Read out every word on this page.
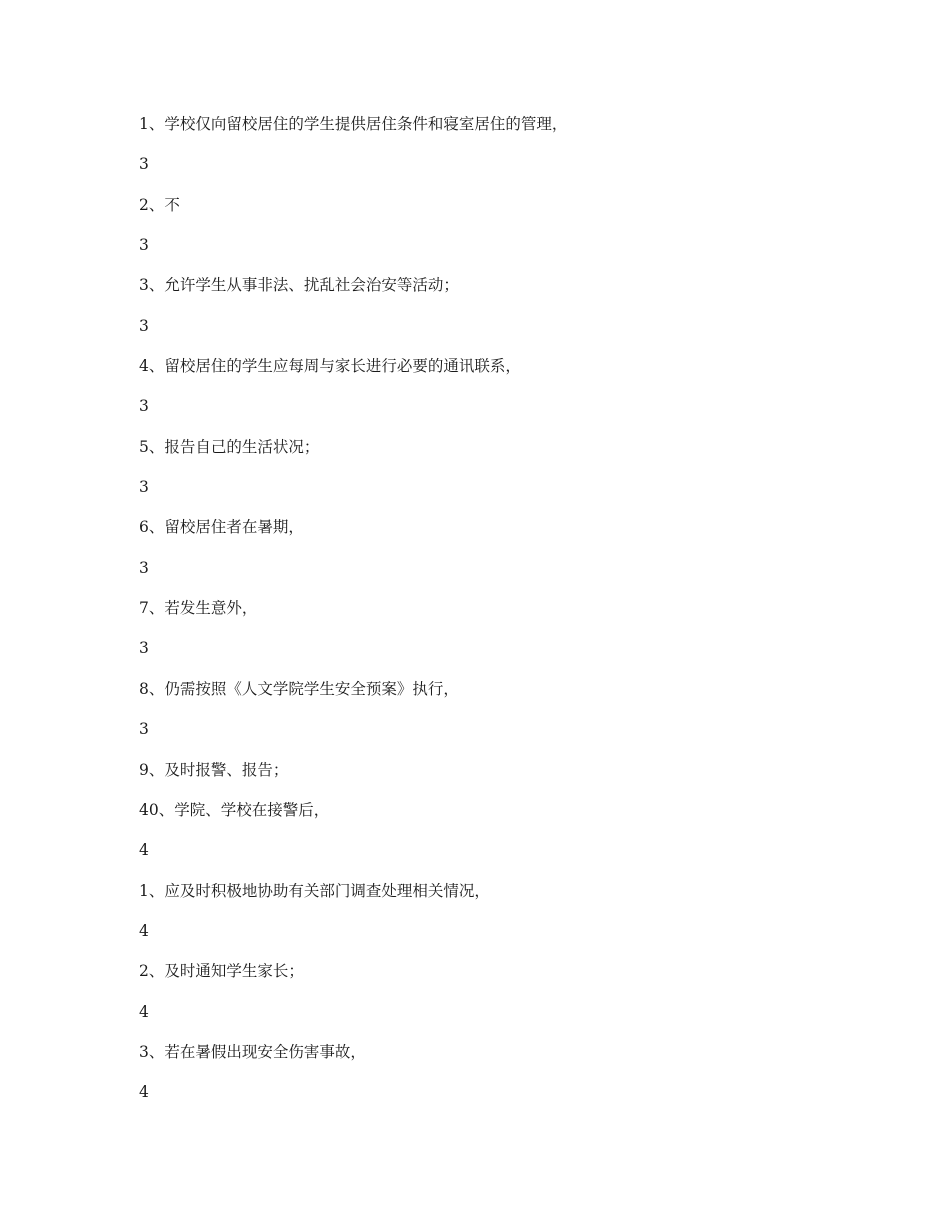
1、学校仅向留校居住的学生提供居住条件和寝室居住的管理，
3
2、不
3
3、允许学生从事非法、扰乱社会治安等活动；
3
4、留校居住的学生应每周与家长进行必要的通讯联系，
3
5、报告自己的生活状况；
3
6、留校居住者在暑期，
3
7、若发生意外，
3
8、仍需按照《人文学院学生安全预案》执行，
3
9、及时报警、报告；
40、学院、学校在接警后，
4
1、应及时积极地协助有关部门调查处理相关情况，
4
2、及时通知学生家长；
4
3、若在暑假出现安全伤害事故，
4
